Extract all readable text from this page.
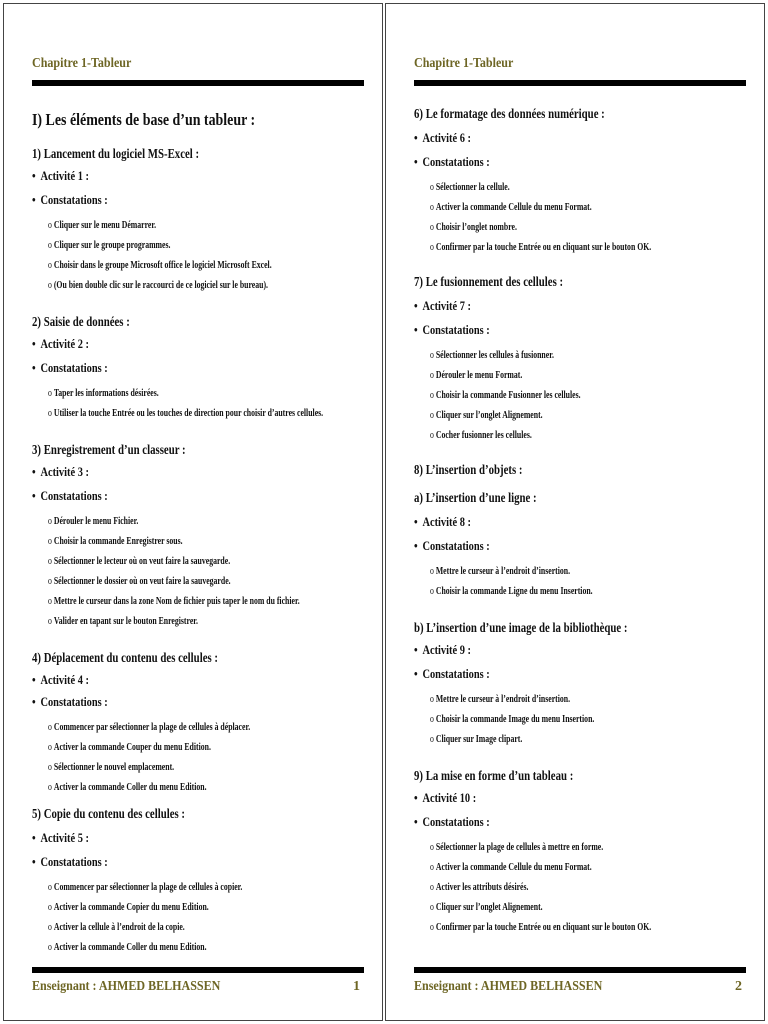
Chapitre 1-Tableur
I) Les éléments de base d’un tableur :
1) Lancement du logiciel MS-Excel :
• Activité 1 :
• Constatations :
o Cliquer sur le menu Démarrer.
o Cliquer sur le groupe programmes.
o Choisir dans le groupe Microsoft office le logiciel Microsoft Excel.
o (Ou bien double clic sur le raccourci de ce logiciel sur le bureau).
2) Saisie de données :
• Activité 2 :
• Constatations :
o Taper les informations désirées.
o Utiliser la touche Entrée ou les touches de direction pour choisir d’autres cellules.
3) Enregistrement d’un classeur :
• Activité 3 :
• Constatations :
o Dérouler le menu Fichier.
o Choisir la commande Enregistrer sous.
o Sélectionner le lecteur où on veut faire la sauvegarde.
o Sélectionner le dossier où on veut faire la sauvegarde.
o Mettre le curseur dans la zone Nom de fichier puis taper le nom du fichier.
o Valider en tapant sur le bouton Enregistrer.
4) Déplacement du contenu des cellules :
• Activité 4 :
• Constatations :
o Commencer par sélectionner la plage de cellules à déplacer.
o Activer la commande Couper du menu Edition.
o Sélectionner le nouvel emplacement.
o Activer la commande Coller du menu Edition.
5) Copie du contenu des cellules :
• Activité 5 :
• Constatations :
o Commencer par sélectionner la plage de cellules à copier.
o Activer la commande Copier du menu Edition.
o Activer la cellule à l’endroit de la copie.
o Activer la commande Coller du menu Edition.
Enseignant : AHMED BELHASSEN	1
Chapitre 1-Tableur
6) Le formatage des données numérique :
• Activité 6 :
• Constatations :
o Sélectionner la cellule.
o Activer la commande Cellule du menu Format.
o Choisir l’onglet nombre.
o Confirmer par la touche Entrée ou en cliquant sur le bouton OK.
7) Le fusionnement des cellules :
• Activité 7 :
• Constatations :
o Sélectionner les cellules à fusionner.
o Dérouler le menu Format.
o Choisir la commande Fusionner les cellules.
o Cliquer sur l’onglet Alignement.
o Cocher fusionner les cellules.
8) L’insertion d’objets :
a) L’insertion d’une ligne :
• Activité 8 :
• Constatations :
o Mettre le curseur à l’endroit d’insertion.
o Choisir la commande Ligne du menu Insertion.
b) L’insertion d’une image de la bibliothèque :
• Activité 9 :
• Constatations :
o Mettre le curseur à l’endroit d’insertion.
o Choisir la commande Image du menu Insertion.
o Cliquer sur Image clipart.
9) La mise en forme d’un tableau :
• Activité 10 :
• Constatations :
o Sélectionner la plage de cellules à mettre en forme.
o Activer la commande Cellule du menu Format.
o Activer les attributs désirés.
o Cliquer sur l’onglet Alignement.
o Confirmer par la touche Entrée ou en cliquant sur le bouton OK.
Enseignant : AHMED BELHASSEN	2
